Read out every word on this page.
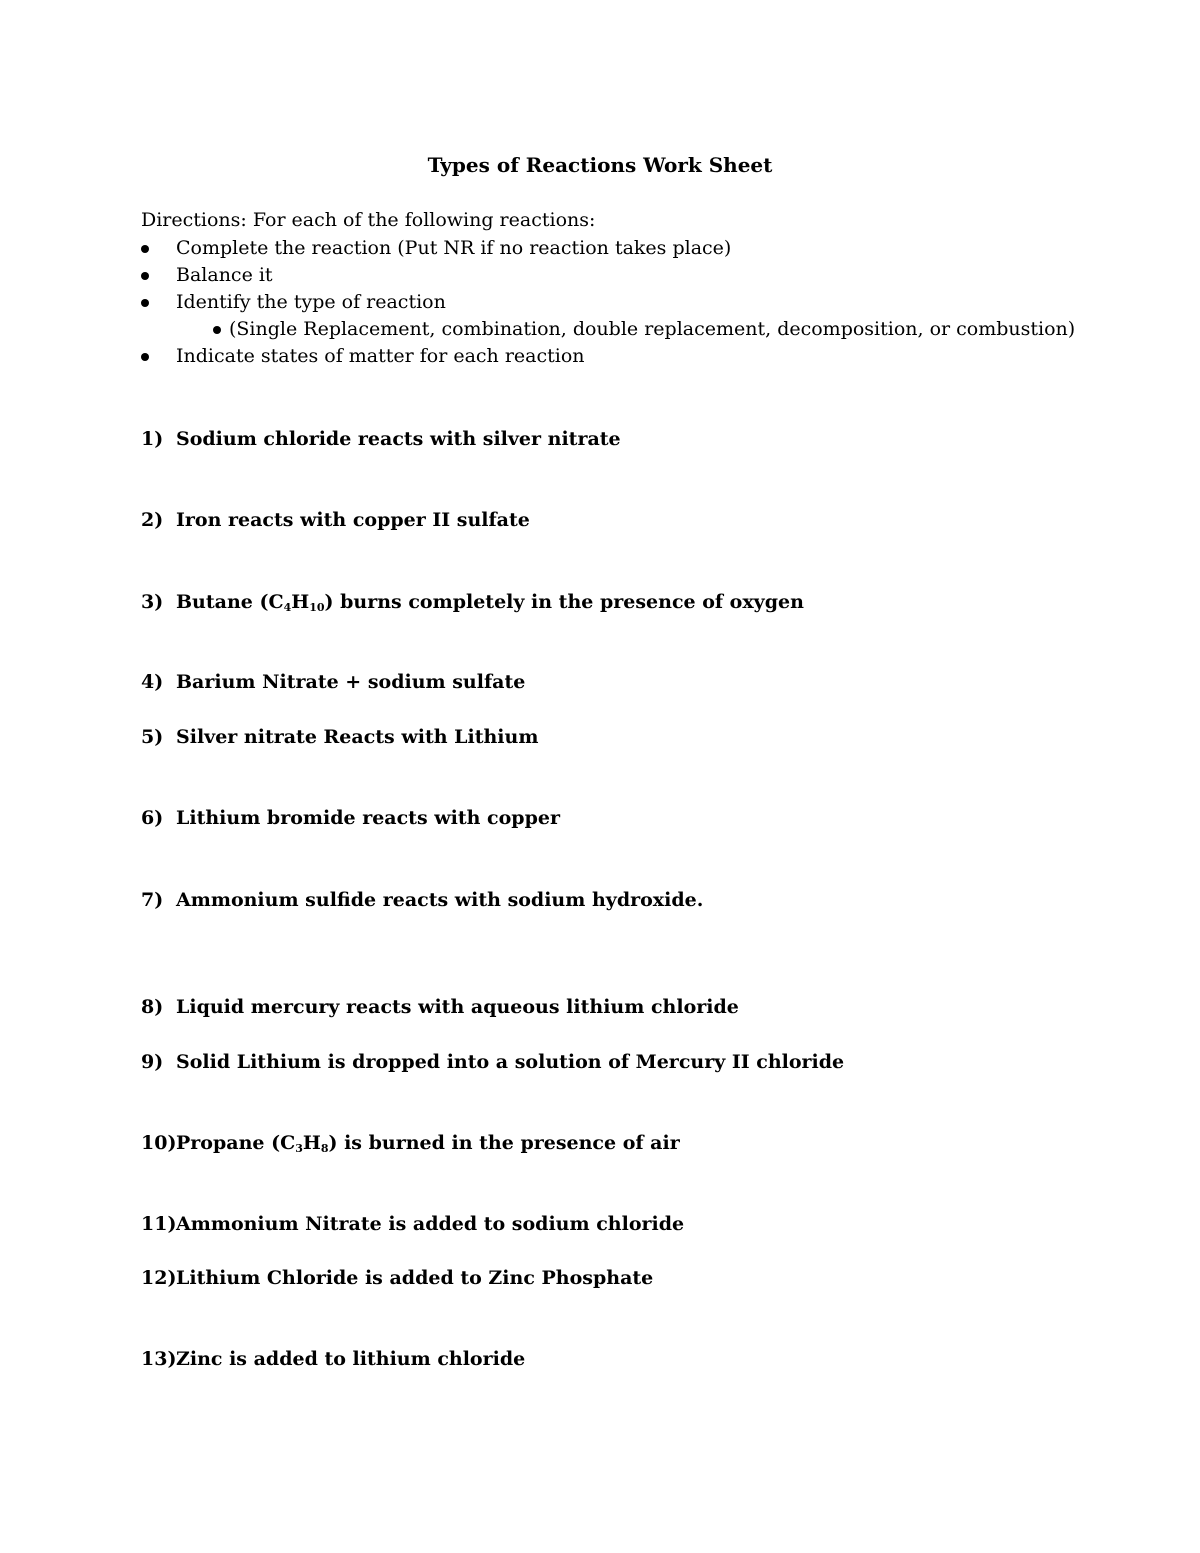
Types of Reactions Work Sheet
Directions: For each of the following reactions:
Complete the reaction (Put NR if no reaction takes place)
Balance it
Identify the type of reaction
(Single Replacement, combination, double replacement, decomposition, or combustion)
Indicate states of matter for each reaction
1) Sodium chloride reacts with silver nitrate
2) Iron reacts with copper II sulfate
3) Butane $(C_4H_{10})$ burns completely in the presence of oxygen
4) Barium Nitrate + sodium sulfate
5) Silver nitrate Reacts with Lithium
6) Lithium bromide reacts with copper
7) Ammonium sulfide reacts with sodium hydroxide.
8) Liquid mercury reacts with aqueous lithium chloride
9) Solid Lithium is dropped into a solution of Mercury II chloride
10) Propane $(C_3H_8)$ is burned in the presence of air
11) Ammonium Nitrate is added to sodium chloride
12) Lithium Chloride is added to Zinc Phosphate
13) Zinc is added to lithium chloride
